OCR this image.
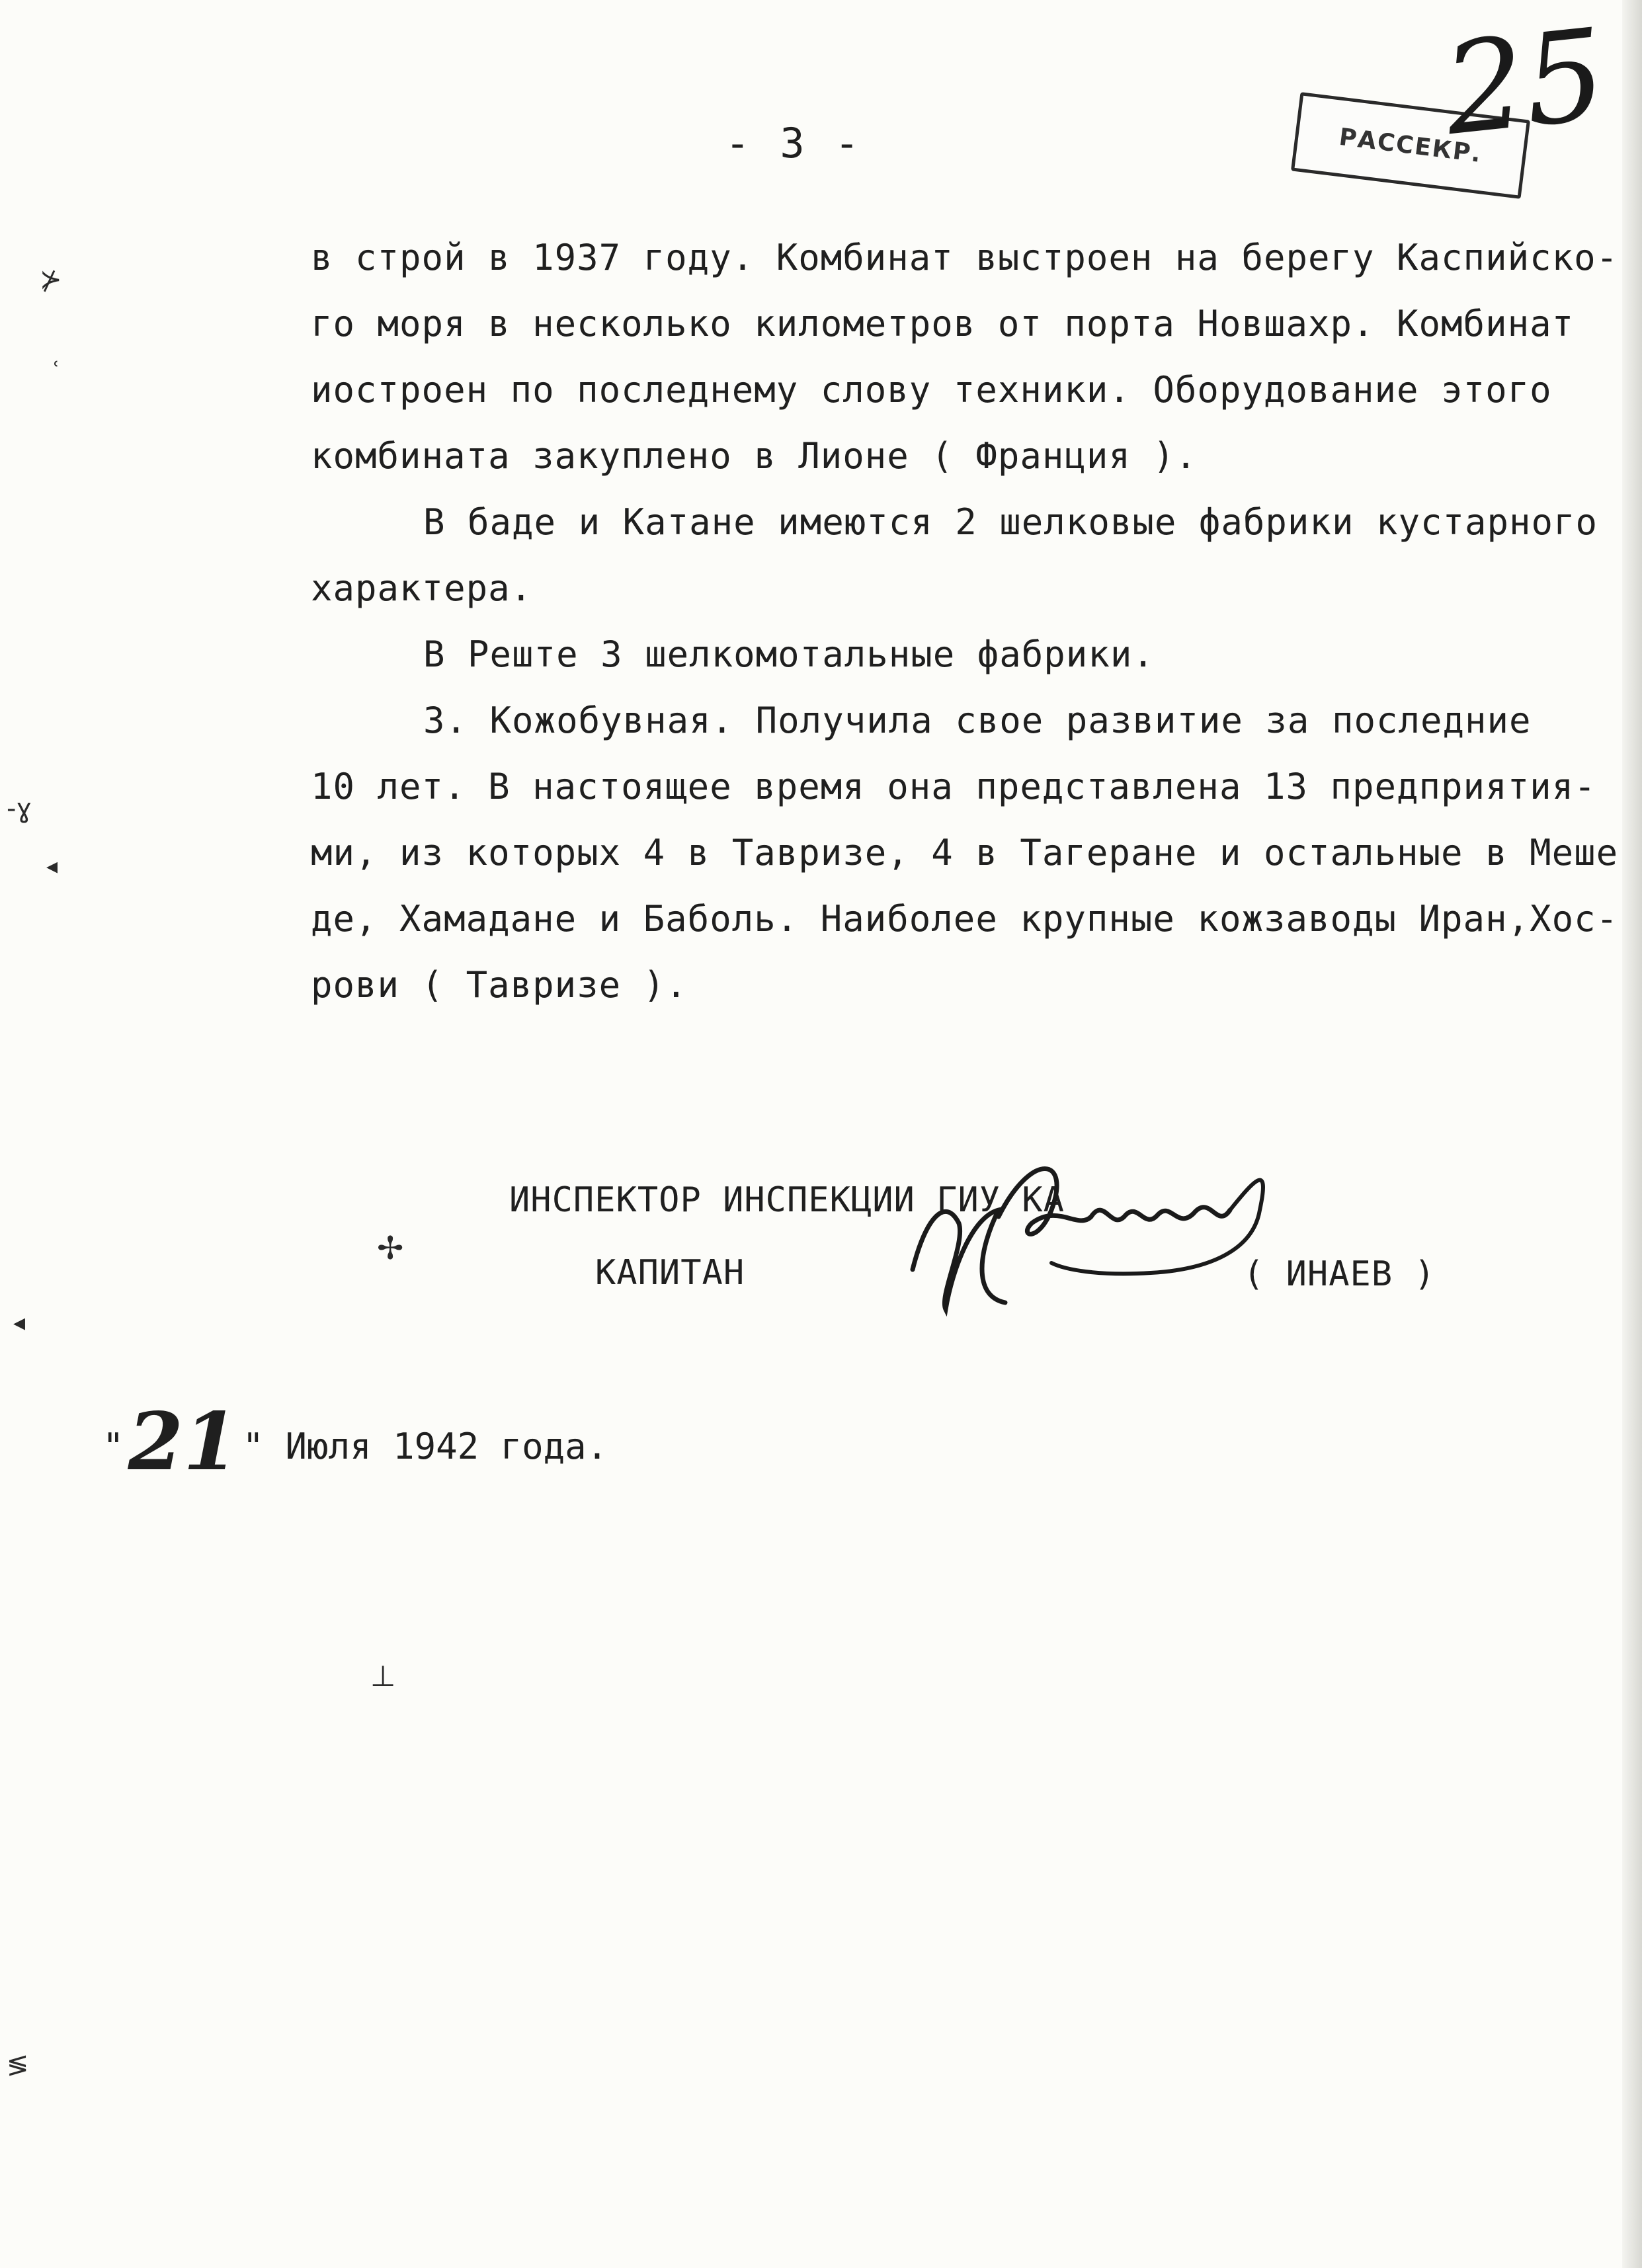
- 3 -	РАССЕКР.
25
в строй в 1937 году. Комбинат выстроен на берегу Каспийско-
го моря в несколько километров от порта Новшахр. Комбинат
иостроен по последнему слову техники. Оборудование этого
комбината закуплено в Лионе ( Франция ).
В баде и Катане имеются 2 шелковые фабрики кустарного
характера.
В Реште 3 шелкомотальные фабрики.
3. Кожобувная. Получила свое развитие за последние
10 лет. В настоящее время она представлена 13 предприятия-
ми, из которых 4 в Тавризе, 4 в Тагеране и остальные в Меше
де, Хамадане и Баболь. Наиболее крупные кожзаводы Иран,Хос-
рови ( Тавризе ).
ИНСПЕКТОР ИНСПЕКЦИИ ГИУ КА
КАПИТАН	( ИНАЕВ )
"21 " Июля 1942 года.
⊁
ʿ
‑ɣ
◂
◂
✢
⊥
≶
